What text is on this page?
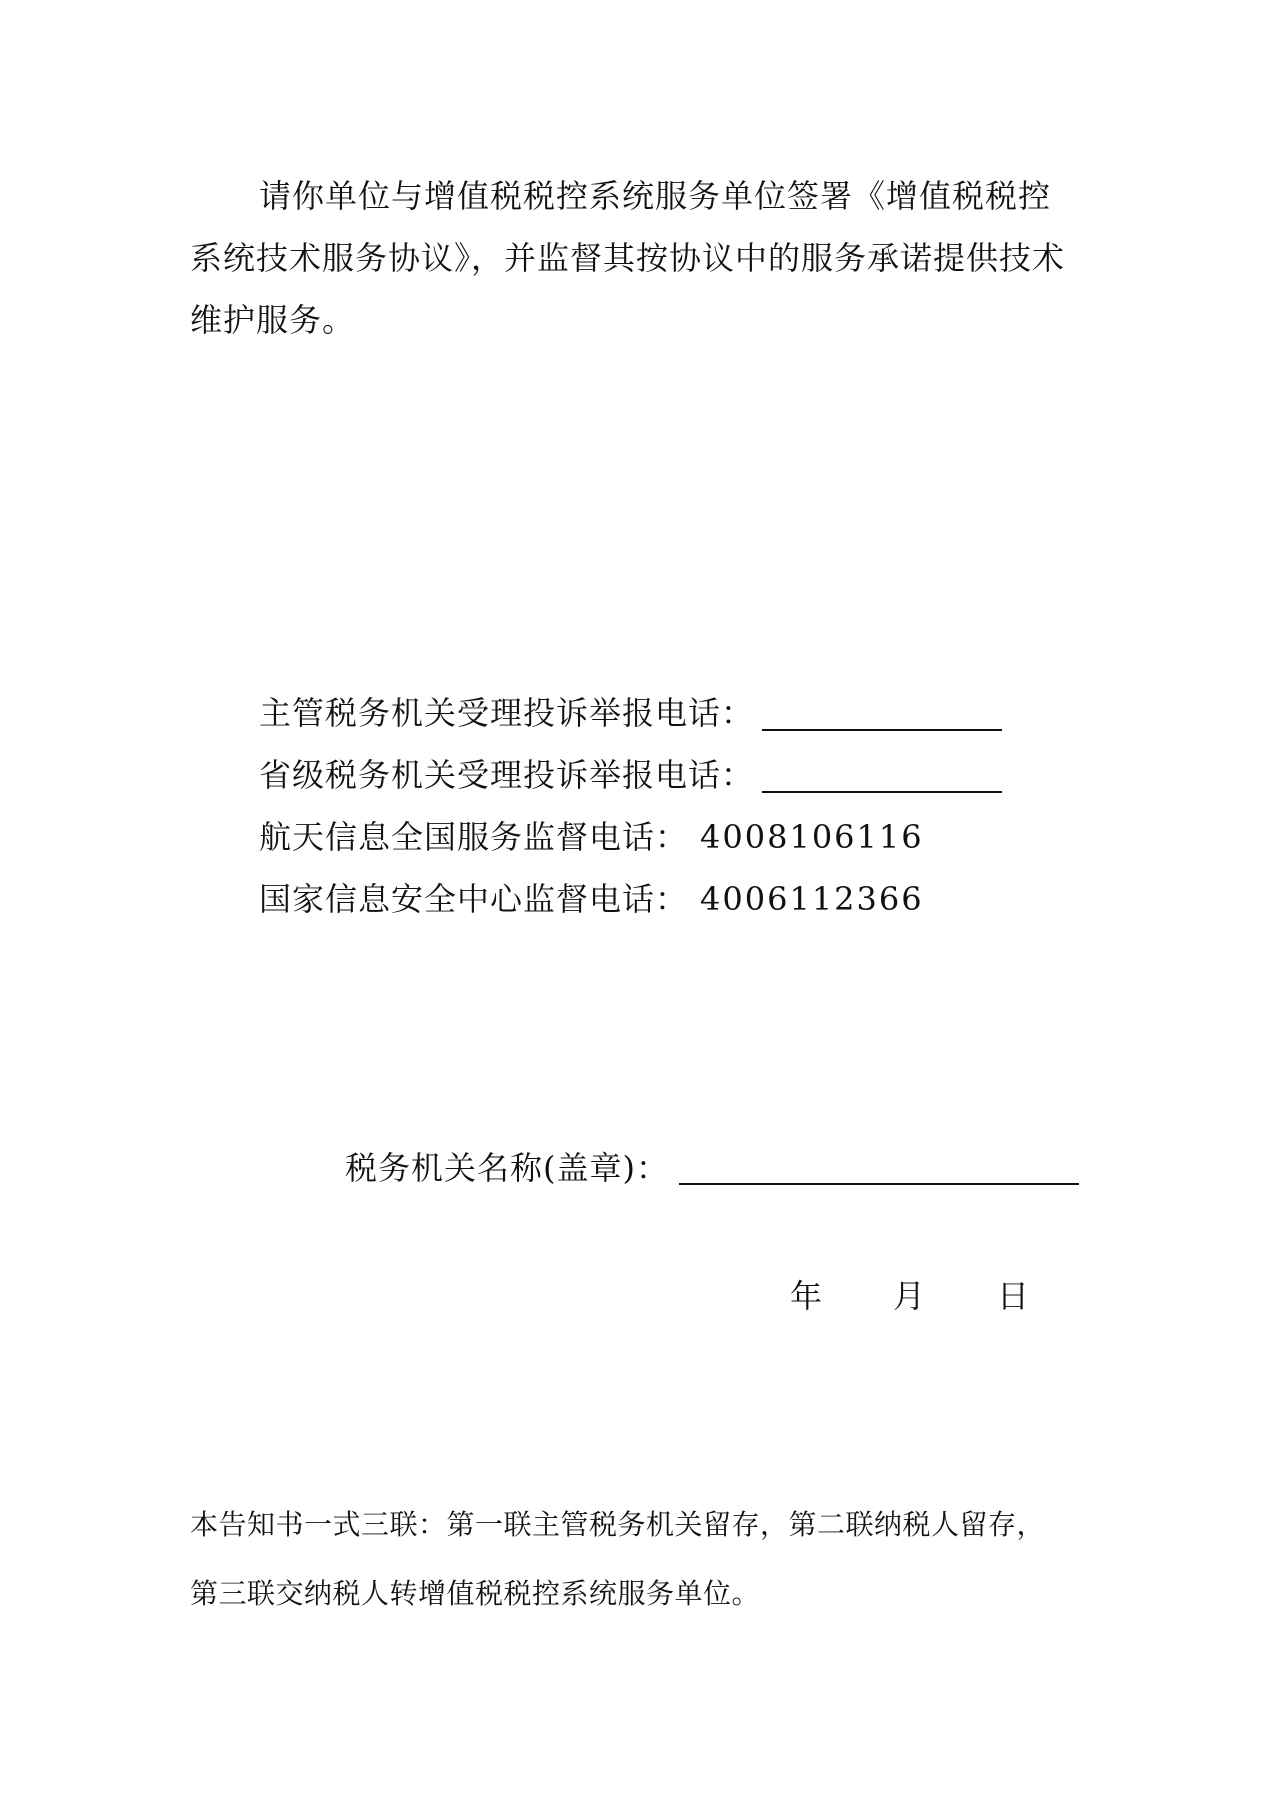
请你单位与增值税税控系统服务单位签署《增值税税控
系统技术服务协议》，并监督其按协议中的服务承诺提供技术
维护服务。
主管税务机关受理投诉举报电话：
省级税务机关受理投诉举报电话：
航天信息全国服务监督电话： 4008106116
国家信息安全中心监督电话： 4006112366
税务机关名称(盖章)：
年 月 日
本告知书一式三联：第一联主管税务机关留存，第二联纳税人留存，
第三联交纳税人转增值税税控系统服务单位。
